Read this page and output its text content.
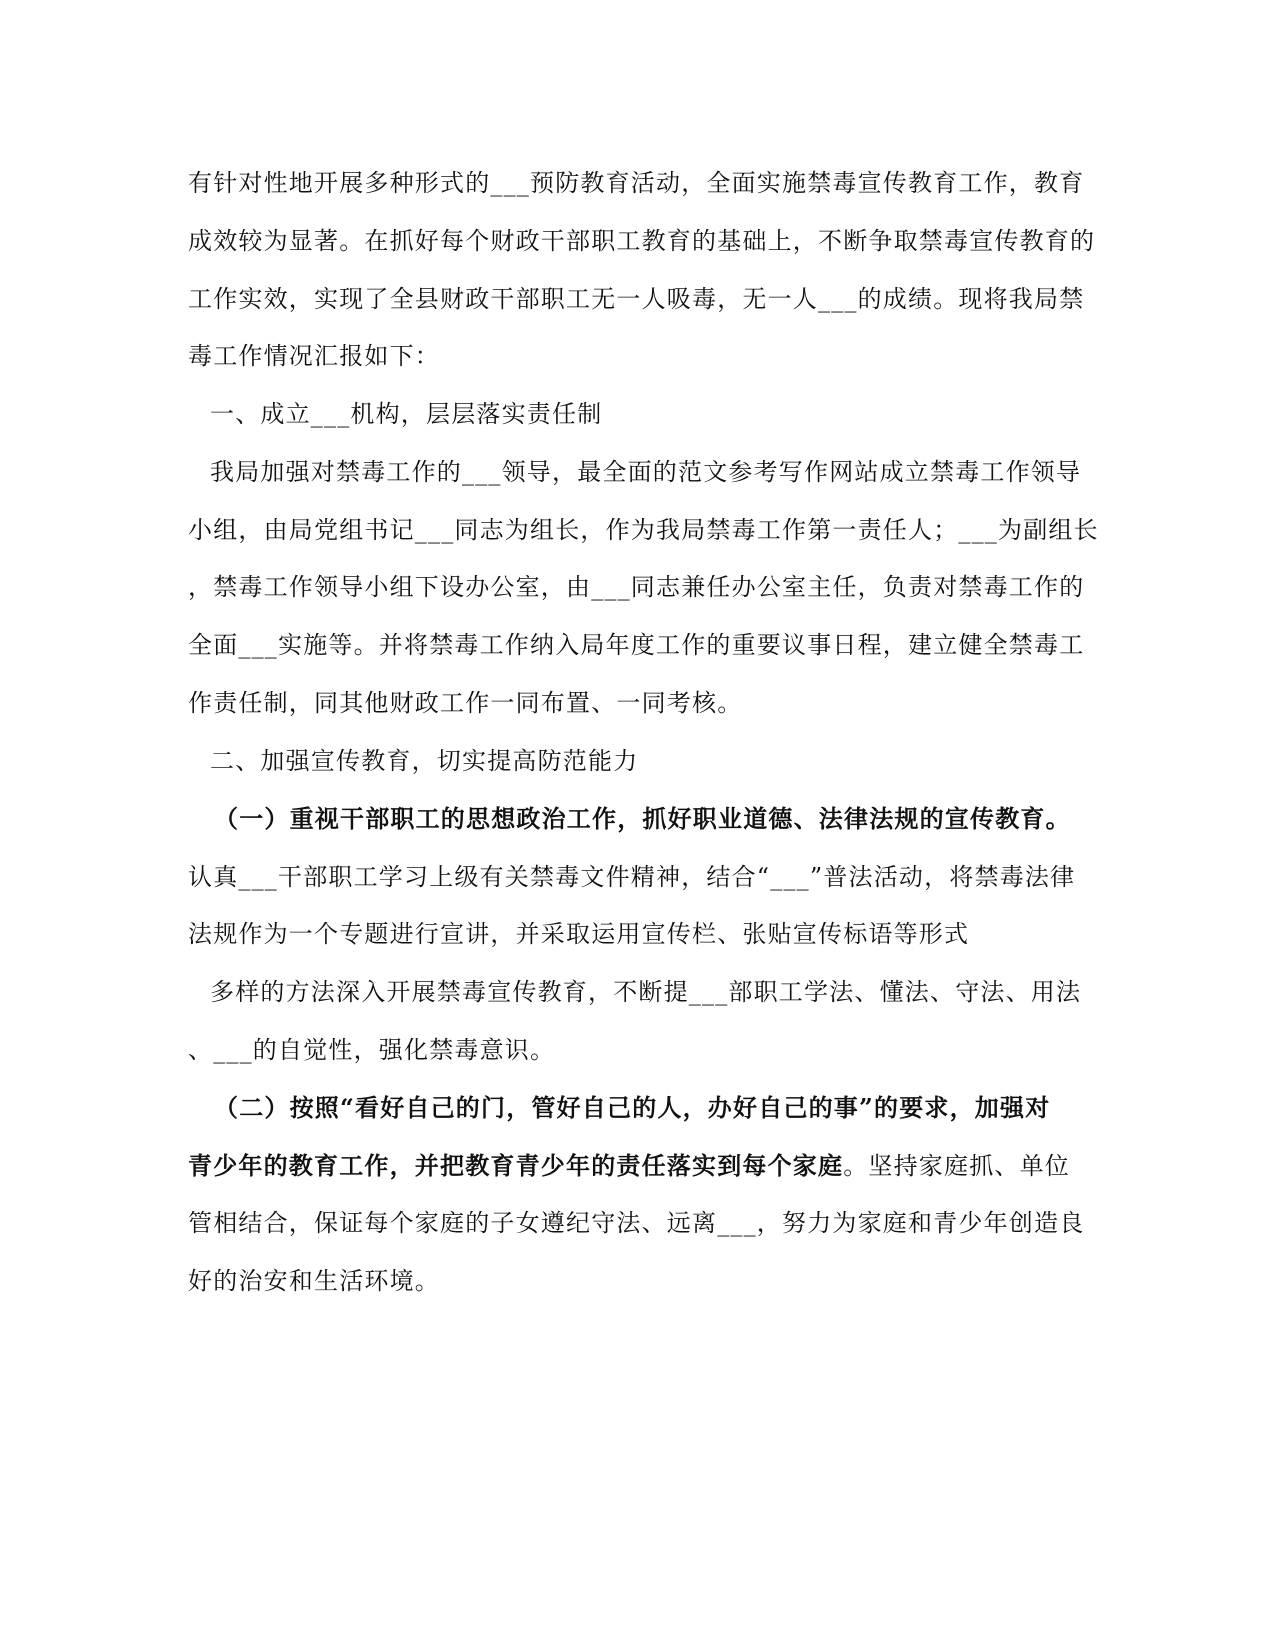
有针对性地开展多种形式的___预防教育活动，全面实施禁毒宣传教育工作，教育
成效较为显著。在抓好每个财政干部职工教育的基础上，不断争取禁毒宣传教育的
工作实效，实现了全县财政干部职工无一人吸毒，无一人___的成绩。现将我局禁
毒工作情况汇报如下：
一、成立___机构，层层落实责任制
我局加强对禁毒工作的___领导，最全面的范文参考写作网站成立禁毒工作领导
小组，由局党组书记___同志为组长，作为我局禁毒工作第一责任人；___为副组长
，禁毒工作领导小组下设办公室，由___同志兼任办公室主任，负责对禁毒工作的
全面___实施等。并将禁毒工作纳入局年度工作的重要议事日程，建立健全禁毒工
作责任制，同其他财政工作一同布置、一同考核。
二、加强宣传教育，切实提高防范能力
（一）重视干部职工的思想政治工作，抓好职业道德、法律法规的宣传教育。
认真___干部职工学习上级有关禁毒文件精神，结合“___”普法活动，将禁毒法律
法规作为一个专题进行宣讲，并采取运用宣传栏、张贴宣传标语等形式
多样的方法深入开展禁毒宣传教育，不断提___部职工学法、懂法、守法、用法
、___的自觉性，强化禁毒意识。
（二）按照“看好自己的门，管好自己的人，办好自己的事”的要求，加强对
青少年的教育工作，并把教育青少年的责任落实到每个家庭。坚持家庭抓、单位
管相结合，保证每个家庭的子女遵纪守法、远离___，努力为家庭和青少年创造良
好的治安和生活环境。
